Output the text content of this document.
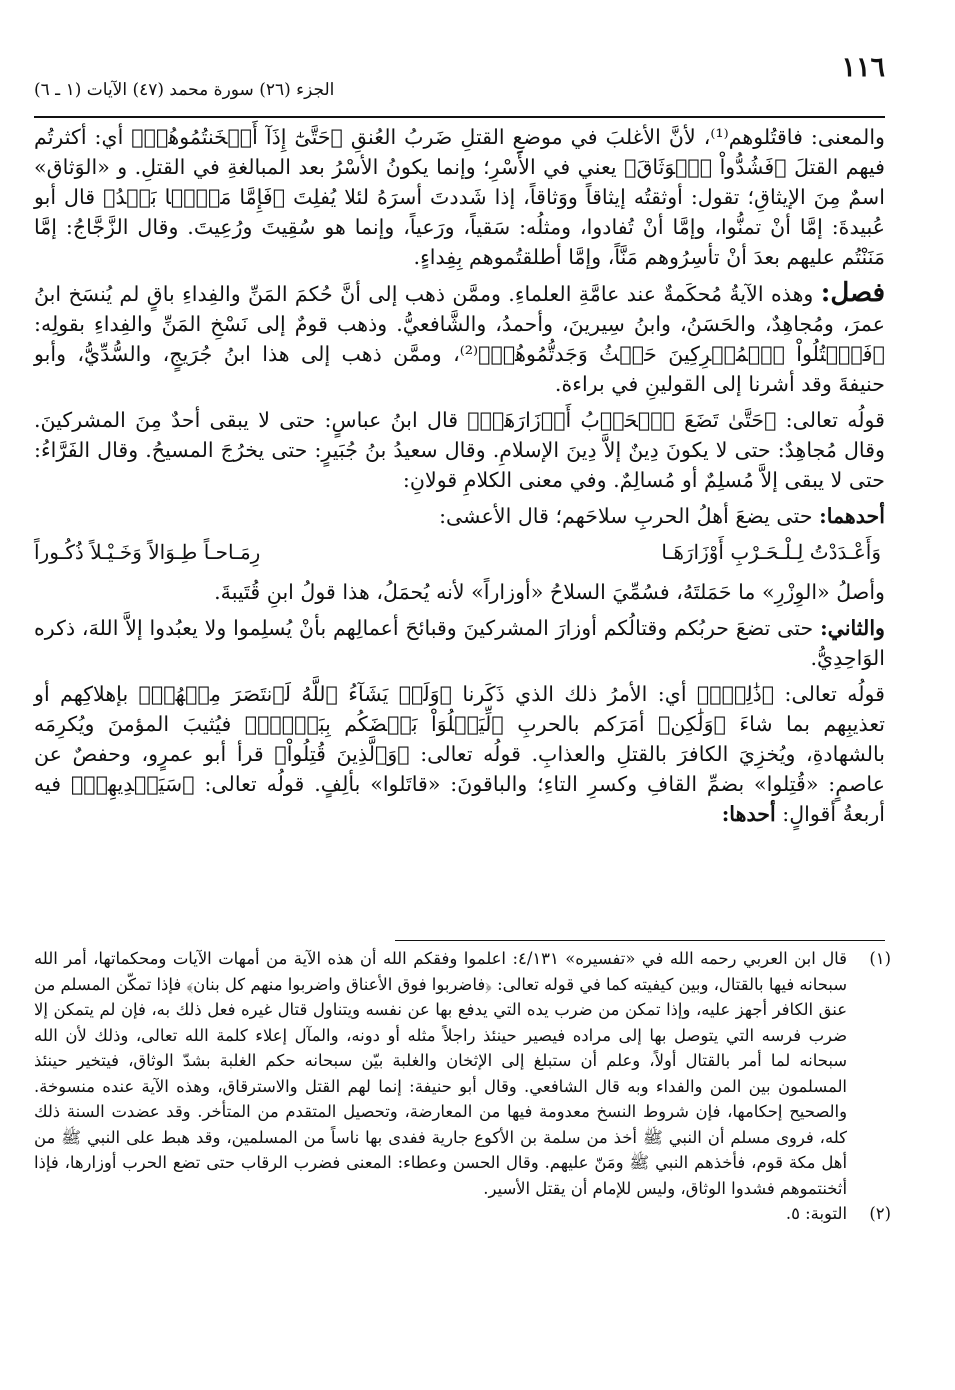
الجزء (٢٦) سورة محمد (٤٧) الآيات (١ ـ ٦)
١١٦

والمعنى: فاقتُلوهم⁽¹⁾، لأنَّ الأغلبَ في موضعِ القتلِ ضَربُ العُنقِ ﴿حَتَّىٰٓ إِذَآ أَثۡخَنتُمُوهُمۡ﴾ أي: أكثرتُم فيهم القتلَ ﴿فَشُدُّواْ ٱلۡوَثَاقَ﴾ يعني في الأَسْرِ؛ وإنما يكونُ الأسْرُ بعد المبالغةِ في القتلِ. و «الوَثاق» اسمٌ مِنَ الإيثاقِ؛ تقول: أوثقتُه إيثاقاً ووَثاقاً، إذا شَددتَ أسرَهُ لئلا يُفلِتَ ﴿فَإِمَّا مَنَّۢا بَعۡدُ﴾ قال أبو عُبيدةَ: إمَّا أنْ تمنُّوا، وإمَّا أنْ تُفادوا، ومثلُه: سَقياً، ورَعياً، وإنما هو سُقِيتَ ورُعِيتَ. وقال الزَّجَّاجُ: إمَّا مَنَنْتُم عليهم بعدَ أنْ تأسِرُوهم مَنَّاً، وإمَّا أطلقتُموهم بِفِداءٍ.

فصل: وهذه الآيةُ مُحكَمةٌ عند عامَّةِ العلماءِ. وممَّن ذهب إلى أنَّ حُكمَ المَنِّ والفِداءِ باقٍ لم يُنسَخ ابنُ عمرَ، ومُجاهِدٌ، والحَسَنُ، وابنُ سِيرينَ، وأحمدُ، والشَّافعيُّ. وذهب قومٌ إلى نَسْخِ المَنِّ والفِداءِ بقولِه: ﴿فَٱقۡتُلُواْ ٱلۡمُشۡرِكِينَ حَيۡثُ وَجَدتُّمُوهُمۡ﴾⁽²⁾، وممَّن ذهب إلى هذا ابنُ جُرَيجٍ، والسُّدِّيُّ، وأبو حنيفةَ وقد أشرنا إلى القولينِ في براءة.

قولُه تعالى: ﴿حَتَّىٰ تَضَعَ ٱلۡحَرۡبُ أَوۡزَارَهَاۚ﴾ قال ابنُ عباسٍ: حتى لا يبقى أحدٌ مِنَ المشركينَ. وقال مُجاهِدٌ: حتى لا يكونَ دِينٌ إلاَّ دِينَ الإسلامِ. وقال سعيدُ بنُ جُبَيرٍ: حتى يخرُجَ المسيحُ. وقال الفَرَّاءُ: حتى لا يبقى إلاَّ مُسلِمٌ أو مُسالِمٌ. وفي معنى الكلامِ قولانِ:

أحدهما: حتى يضعَ أهلُ الحربِ سلاحَهم؛ قال الأعشى:

وَأَعْـدَدْتُ لِـلْـحَـرْبِ أَوْزَارَهَـا
رِمَـاحـاً طِـوَالاً وَخَـيْـلاً ذُكُـوراً

وأصلُ «الوِزْرِ» ما حَمَلتَهُ، فسُمِّيَ السلاحُ «أوزاراً» لأنه يُحمَلُ، هذا قولُ ابنِ قُتَيبةَ.

والثاني: حتى تضعَ حربُكم وقتالُكم أوزارَ المشركينَ وقبائحَ أعمالِهم بأنْ يُسلِموا ولا يعبُدوا إلاَّ اللهَ، ذكره الوَاحِدِيُّ.

قولُه تعالى: ﴿ذَٰلِكَۖ﴾ أي: الأمرُ ذلك الذي ذَكَرنا ﴿وَلَوۡ يَشَآءُ ٱللَّهُ لَٱنتَصَرَ مِنۡهُمۡ﴾ بإهلاكِهم أو تعذيبِهم بما شاءَ ﴿وَلَٰكِن﴾ أمَرَكم بالحربِ ﴿لِّيَبۡلُوَاْ بَعۡضَكُم بِبَعۡضٖۗ﴾ فيُثيبَ المؤمنَ ويُكرِمَه بالشهادةِ، ويُخزِيَ الكافرَ بالقتلِ والعذابِ. قولُه تعالى: ﴿وَٱلَّذِينَ قُتِلُواْ﴾ قرأ أبو عمرٍو، وحفصٌ عن عاصمٍ: «قُتِلوا» بضمِّ القافِ وكسرِ التاءِ؛ والباقونَ: «قاتَلوا» بألِفٍ. قولُه تعالى: ﴿سَيَهۡدِيهِمۡ﴾ فيه أربعةُ أقوالٍ: أحدها:

(١)
قال ابن العربي رحمه الله في «تفسيره» ٤/١٣١: اعلموا وفقكم الله أن هذه الآية من أمهات الآيات ومحكماتها، أمر الله سبحانه فيها بالقتال، وبين كيفيته كما في قوله تعالى: ﴿فاضربوا فوق الأعناق واضربوا منهم كل بنان﴾ فإذا تمكّن المسلم من عنق الكافر أجهز عليه، وإذا تمكن من ضرب يده التي يدفع بها عن نفسه ويتناول قتال غيره فعل ذلك به، فإن لم يتمكن إلا ضرب فرسه التي يتوصل بها إلى مراده فيصير حينئذ راجلاً مثله أو دونه، والمآل إعلاء كلمة الله تعالى، وذلك لأن الله سبحانه لما أمر بالقتال أولاً، وعلم أن ستبلغ إلى الإثخان والغلبة بيّن سبحانه حكم الغلبة بشدّ الوثاق، فيتخير حينئذ المسلمون بين المن والفداء وبه قال الشافعي. وقال أبو حنيفة: إنما لهم القتل والاسترقاق، وهذه الآية عنده منسوخة. والصحيح إحكامها، فإن شروط النسخ معدومة فيها من المعارضة، وتحصيل المتقدم من المتأخر. وقد عضدت السنة ذلك كله، فروى مسلم أن النبي ﷺ أخذ من سلمة بن الأكوع جارية ففدى بها ناساً من المسلمين، وقد هبط على النبي ﷺ من أهل مكة قوم، فأخذهم النبي ﷺ ومَنّ عليهم. وقال الحسن وعطاء: المعنى فضرب الرقاب حتى تضع الحرب أوزارها، فإذا أثخنتموهم فشدوا الوثاق، وليس للإمام أن يقتل الأسير.
(٢)
التوبة: ٥.
